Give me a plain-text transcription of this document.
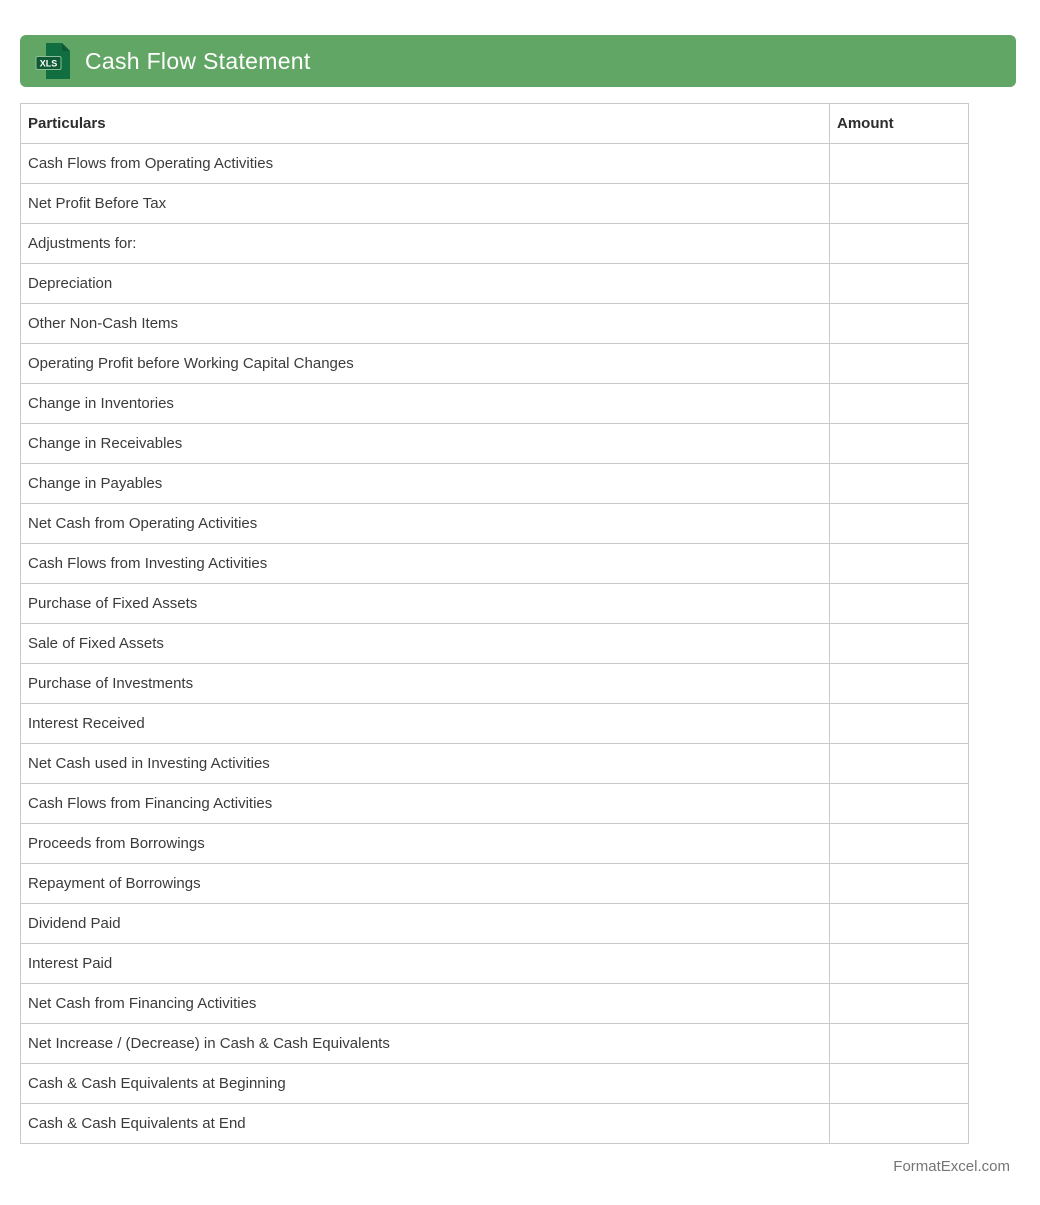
XLS Cash Flow Statement
Particulars	Amount
Cash Flows from Operating Activities	
Net Profit Before Tax	
Adjustments for:	
Depreciation	
Other Non-Cash Items	
Operating Profit before Working Capital Changes	
Change in Inventories	
Change in Receivables	
Change in Payables	
Net Cash from Operating Activities	
Cash Flows from Investing Activities	
Purchase of Fixed Assets	
Sale of Fixed Assets	
Purchase of Investments	
Interest Received	
Net Cash used in Investing Activities	
Cash Flows from Financing Activities	
Proceeds from Borrowings	
Repayment of Borrowings	
Dividend Paid	
Interest Paid	
Net Cash from Financing Activities	
Net Increase / (Decrease) in Cash & Cash Equivalents	
Cash & Cash Equivalents at Beginning	
Cash & Cash Equivalents at End	
FormatExcel.com
